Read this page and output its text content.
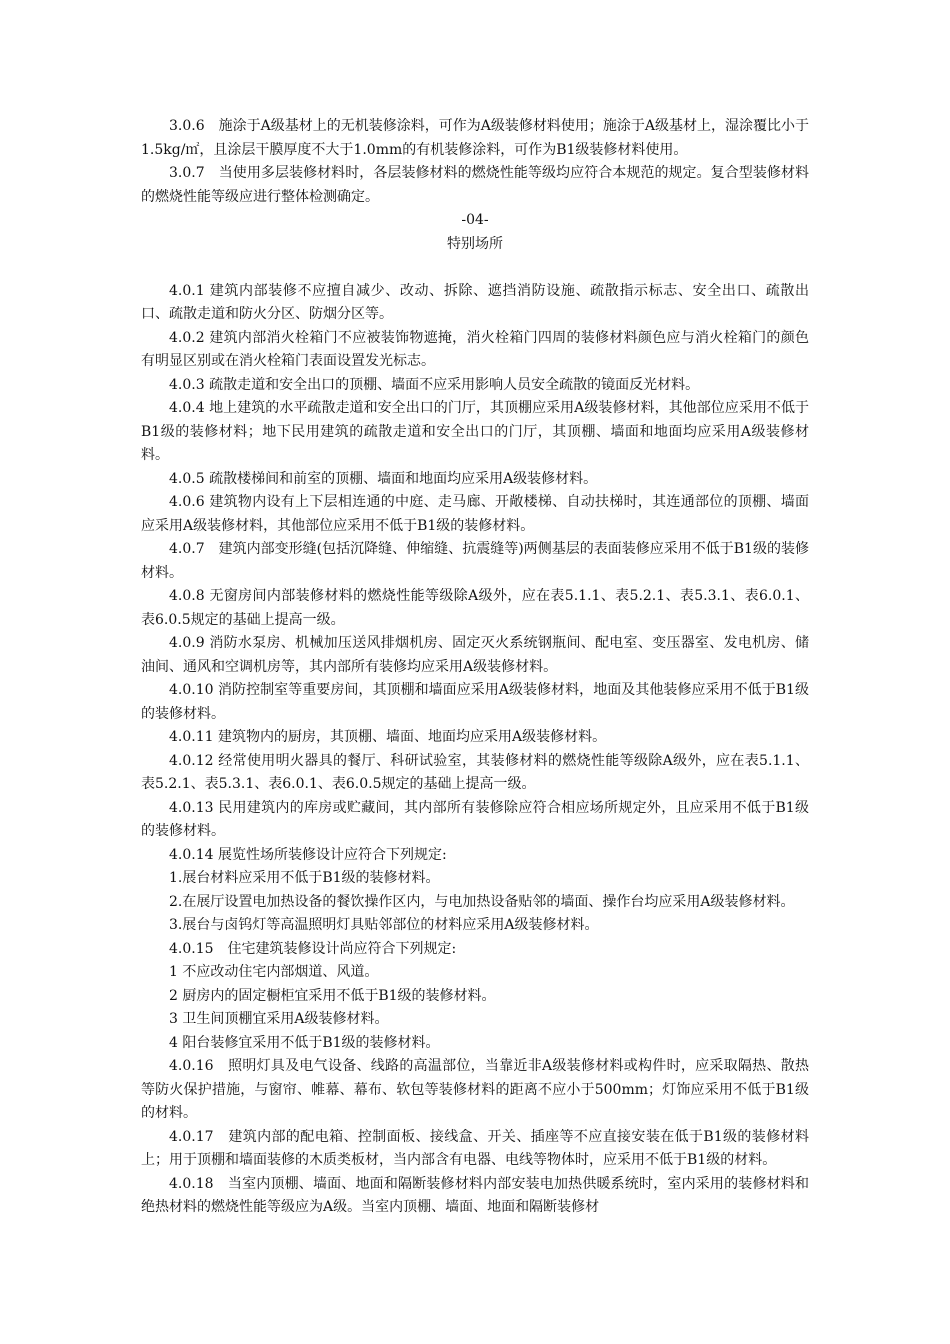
3.0.6　施涂于A级基材上的无机装修涂料，可作为A级装修材料使用；施涂于A级基材上，湿涂覆比小于1.5kg/㎡，且涂层干膜厚度不大于1.0mm的有机装修涂料，可作为B1级装修材料使用。

3.0.7　当使用多层装修材料时，各层装修材料的燃烧性能等级均应符合本规范的规定。复合型装修材料的燃烧性能等级应进行整体检测确定。

-04-

特别场所

4.0.1 建筑内部装修不应擅自减少、改动、拆除、遮挡消防设施、疏散指示标志、安全出口、疏散出口、疏散走道和防火分区、防烟分区等。

4.0.2 建筑内部消火栓箱门不应被装饰物遮掩，消火栓箱门四周的装修材料颜色应与消火栓箱门的颜色有明显区别或在消火栓箱门表面设置发光标志。

4.0.3 疏散走道和安全出口的顶棚、墙面不应采用影响人员安全疏散的镜面反光材料。

4.0.4 地上建筑的水平疏散走道和安全出口的门厅，其顶棚应采用A级装修材料，其他部位应采用不低于B1级的装修材料；地下民用建筑的疏散走道和安全出口的门厅，其顶棚、墙面和地面均应采用A级装修材料。

4.0.5 疏散楼梯间和前室的顶棚、墙面和地面均应采用A级装修材料。

4.0.6 建筑物内设有上下层相连通的中庭、走马廊、开敞楼梯、自动扶梯时，其连通部位的顶棚、墙面应采用A级装修材料，其他部位应采用不低于B1级的装修材料。

4.0.7　建筑内部变形缝(包括沉降缝、伸缩缝、抗震缝等)两侧基层的表面装修应采用不低于B1级的装修材料。

4.0.8 无窗房间内部装修材料的燃烧性能等级除A级外，应在表5.1.1、表5.2.1、表5.3.1、表6.0.1、表6.0.5规定的基础上提高一级。

4.0.9 消防水泵房、机械加压送风排烟机房、固定灭火系统钢瓶间、配电室、变压器室、发电机房、储油间、通风和空调机房等，其内部所有装修均应采用A级装修材料。

4.0.10 消防控制室等重要房间，其顶棚和墙面应采用A级装修材料，地面及其他装修应采用不低于B1级的装修材料。

4.0.11 建筑物内的厨房，其顶棚、墙面、地面均应采用A级装修材料。

4.0.12 经常使用明火器具的餐厅、科研试验室，其装修材料的燃烧性能等级除A级外，应在表5.1.1、表5.2.1、表5.3.1、表6.0.1、表6.0.5规定的基础上提高一级。

4.0.13 民用建筑内的库房或贮藏间，其内部所有装修除应符合相应场所规定外，且应采用不低于B1级的装修材料。

4.0.14 展览性场所装修设计应符合下列规定:

1.展台材料应采用不低于B1级的装修材料。

2.在展厅设置电加热设备的餐饮操作区内，与电加热设备贴邻的墙面、操作台均应采用A级装修材料。

3.展台与卤钨灯等高温照明灯具贴邻部位的材料应采用A级装修材料。

4.0.15　住宅建筑装修设计尚应符合下列规定:

1 不应改动住宅内部烟道、风道。

2 厨房内的固定橱柜宜采用不低于B1级的装修材料。

3 卫生间顶棚宜采用A级装修材料。

4 阳台装修宜采用不低于B1级的装修材料。

4.0.16　照明灯具及电气设备、线路的高温部位，当靠近非A级装修材料或构件时，应采取隔热、散热等防火保护措施，与窗帘、帷幕、幕布、软包等装修材料的距离不应小于500mm；灯饰应采用不低于B1级的材料。

4.0.17　建筑内部的配电箱、控制面板、接线盒、开关、插座等不应直接安装在低于B1级的装修材料上；用于顶棚和墙面装修的木质类板材，当内部含有电器、电线等物体时，应采用不低于B1级的材料。

4.0.18　当室内顶棚、墙面、地面和隔断装修材料内部安装电加热供暖系统时，室内采用的装修材料和绝热材料的燃烧性能等级应为A级。当室内顶棚、墙面、地面和隔断装修材
